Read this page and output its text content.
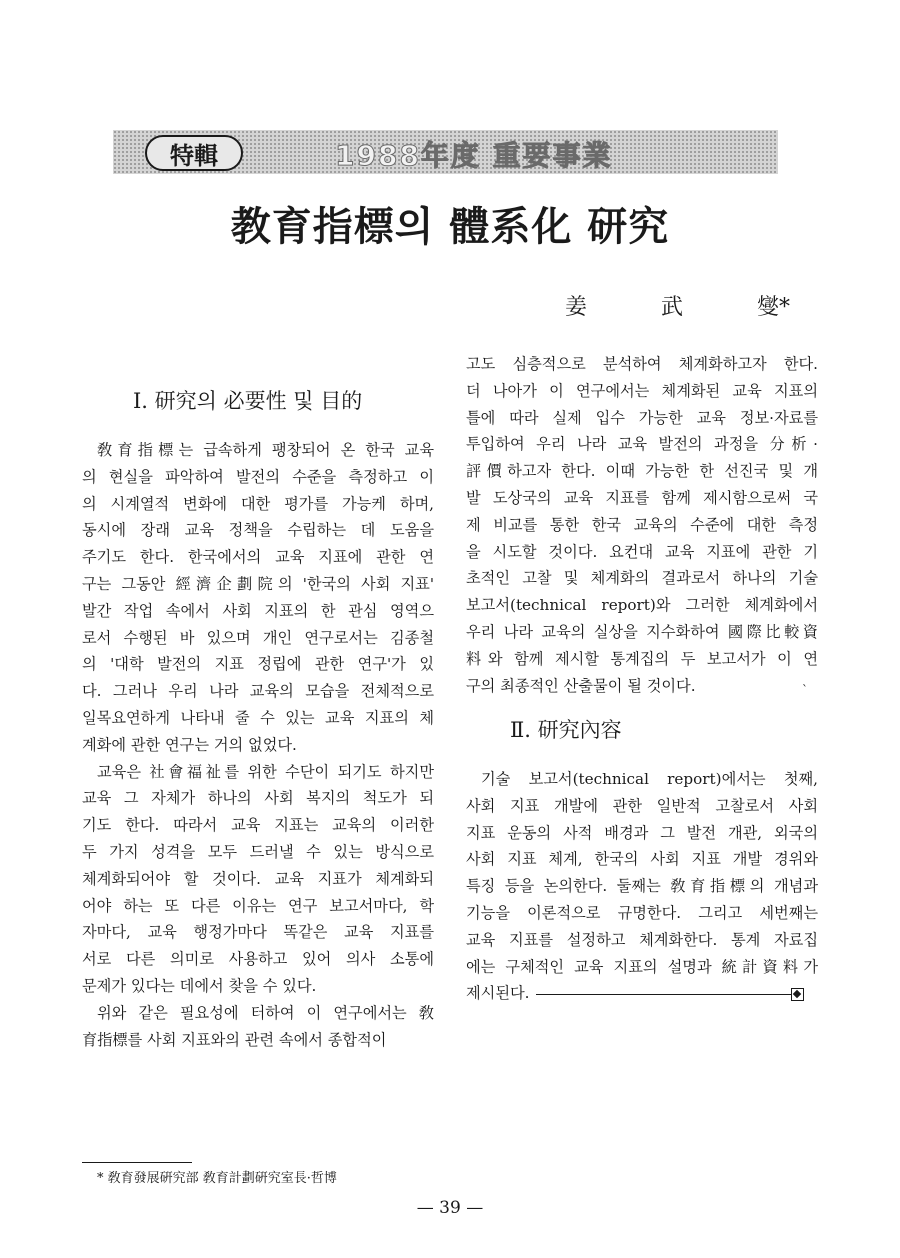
特輯	1988年度 重要事業
教育指標의 體系化 研究
姜	武	燮*
Ⅰ. 研究의 必要性 및 目的
敎育指標는 급속하게 팽창되어 온 한국 교육
의 현실을 파악하여 발전의 수준을 측정하고 이
의 시계열적 변화에 대한 평가를 가능케 하며,
동시에 장래 교육 정책을 수립하는 데 도움을
주기도 한다. 한국에서의 교육 지표에 관한 연
구는 그동안 經濟企劃院의 '한국의 사회 지표'
발간 작업 속에서 사회 지표의 한 관심 영역으
로서 수행된 바 있으며 개인 연구로서는 김종철
의 '대학 발전의 지표 정립에 관한 연구'가 있
다. 그러나 우리 나라 교육의 모습을 전체적으로
일목요연하게 나타내 줄 수 있는 교육 지표의 체
계화에 관한 연구는 거의 없었다.
교육은 社會福祉를 위한 수단이 되기도 하지만
교육 그 자체가 하나의 사회 복지의 척도가 되
기도 한다. 따라서 교육 지표는 교육의 이러한
두 가지 성격을 모두 드러낼 수 있는 방식으로
체계화되어야 할 것이다. 교육 지표가 체계화되
어야 하는 또 다른 이유는 연구 보고서마다, 학
자마다, 교육 행정가마다 똑같은 교육 지표를
서로 다른 의미로 사용하고 있어 의사 소통에
문제가 있다는 데에서 찾을 수 있다.
위와 같은 필요성에 터하여 이 연구에서는 敎
育指標를 사회 지표와의 관련 속에서 종합적이
고도 심층적으로 분석하여 체계화하고자 한다.
더 나아가 이 연구에서는 체계화된 교육 지표의
틀에 따라 실제 입수 가능한 교육 정보·자료를
투입하여 우리 나라 교육 발전의 과정을 分析·
評價하고자 한다. 이때 가능한 한 선진국 및 개
발 도상국의 교육 지표를 함께 제시함으로써 국
제 비교를 통한 한국 교육의 수준에 대한 측정
을 시도할 것이다. 요컨대 교육 지표에 관한 기
초적인 고찰 및 체계화의 결과로서 하나의 기술
보고서(technical report)와 그러한 체계화에서
우리 나라 교육의 실상을 지수화하여 國際比較資
料와 함께 제시할 통계집의 두 보고서가 이 연
구의 최종적인 산출물이 될 것이다.
Ⅱ. 研究內容
기술 보고서(technical report)에서는 첫째,
사회 지표 개발에 관한 일반적 고찰로서 사회
지표 운동의 사적 배경과 그 발전 개관, 외국의
사회 지표 체계, 한국의 사회 지표 개발 경위와
특징 등을 논의한다. 둘째는 敎育指標의 개념과
기능을 이론적으로 규명한다. 그리고 세번째는
교육 지표를 설정하고 체계화한다. 통계 자료집
에는 구체적인 교육 지표의 설명과 統計資料가
제시된다.
ˋ
* 敎育發展硏究部 敎育計劃硏究室長·哲博
— 39 —
